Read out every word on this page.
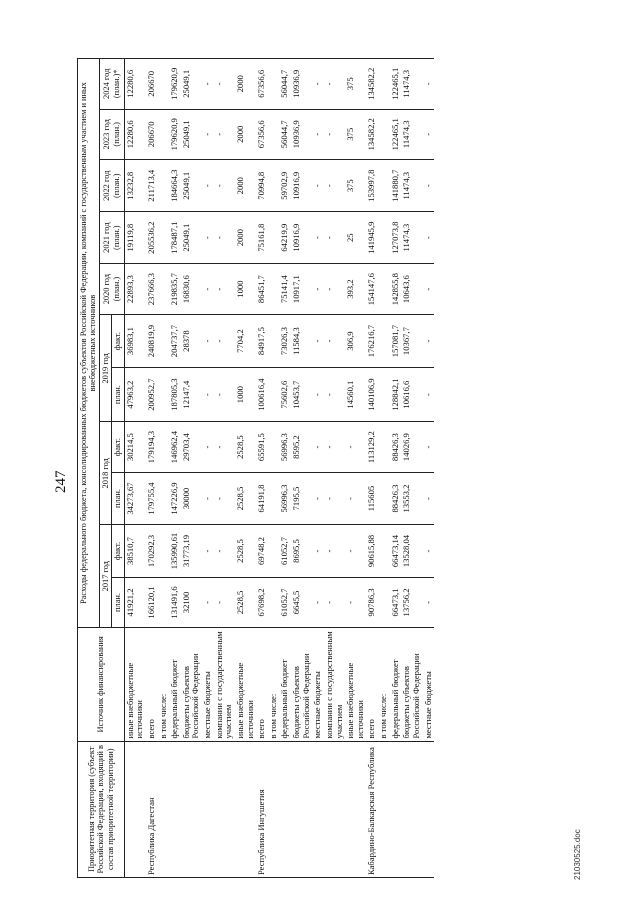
247
Приоритетная территория (субъект Российской Федерации, входящий в состав приоритетной территории)	Источник финансирования	Расходы федерального бюджета, консолидированных бюджетов субъектов Российской Федерации, компаний с государственным участием и иных внебюджетных источников										
		2017 год		2018 год		2019 год		2020 год (план.)	2021 год (план.)	2022 год (план.)	2023 год (план.)	2024 год (план.)*
		план.	факт.	план.	факт.	план.	факт.					
	иные внебюджетные источники	41921,2	38510,7	34273,67	30214,5	47963,2	36983,1	22893,3	19119,8	13232,8	12280,6	12280,6
Республика Дагестан	всего	166120,1	170292,3	179755,4	179194,3	200952,7	240819,9	237666,3	205536,2	211713,4	206670	206670
	в том числе:											
	федеральный бюджет	131491,6	135990,61	147226,9	146962,4	187805,3	204737,7	219835,7	178487,1	184664,3	179620,9	179620,9
	бюджеты субъектов Российской Федерации	32100	31773,19	30000	29703,4	12147,4	28378	16830,6	25049,1	25049,1	25049,1	25049,1
	местные бюджеты	-	-	-	-	-	-	-	-	-	-	-
	компании с государственным участием	-	-	-	-	-	-	-	-	-	-	-
	иные внебюджетные источники	2528,5	2528,5	2528,5	2528,5	1000	7704,2	1000	2000	2000	2000	2000
Республика Ингушетия	всего	67698,2	69748,2	64191,8	65591,5	100616,4	84917,5	86451,7	75161,8	70994,8	67356,6	67356,6
	в том числе:											
	федеральный бюджет	61052,7	61052,7	56996,3	56996,3	75602,6	73026,3	75141,4	64219,9	59702,9	56044,7	56044,7
	бюджеты субъектов Российской Федерации	6645,5	8695,5	7195,5	8595,2	10453,7	11584,3	10917,1	10916,9	10916,9	10936,9	10936,9
	местные бюджеты	-	-	-	-	-	-	-	-	-	-	-
	компании с государственным участием	-	-	-	-	-	-	-	-	-	-	-
	иные внебюджетные источники	-	-	-	-	14560,1	306,9	393,2	25	375	375	375
Кабардино-Балкарская Республика	всего	90786,3	90615,88	115605	113129,2	140106,9	176216,7	154147,6	141945,9	153997,8	134582,2	134582,2
	в том числе:											
	федеральный бюджет	66473,1	66473,14	88426,3	88426,3	128842,1	157081,7	142855,8	127073,8	141880,7	122465,1	122465,1
	бюджеты субъектов Российской Федерации	13756,2	13528,04	13553,2	14026,9	10616,6	10367,7	10643,6	11474,3	11474,3	11474,3	11474,3
	местные бюджеты	-	-	-	-	-	-	-	-	-	-	-
21030525.doc
